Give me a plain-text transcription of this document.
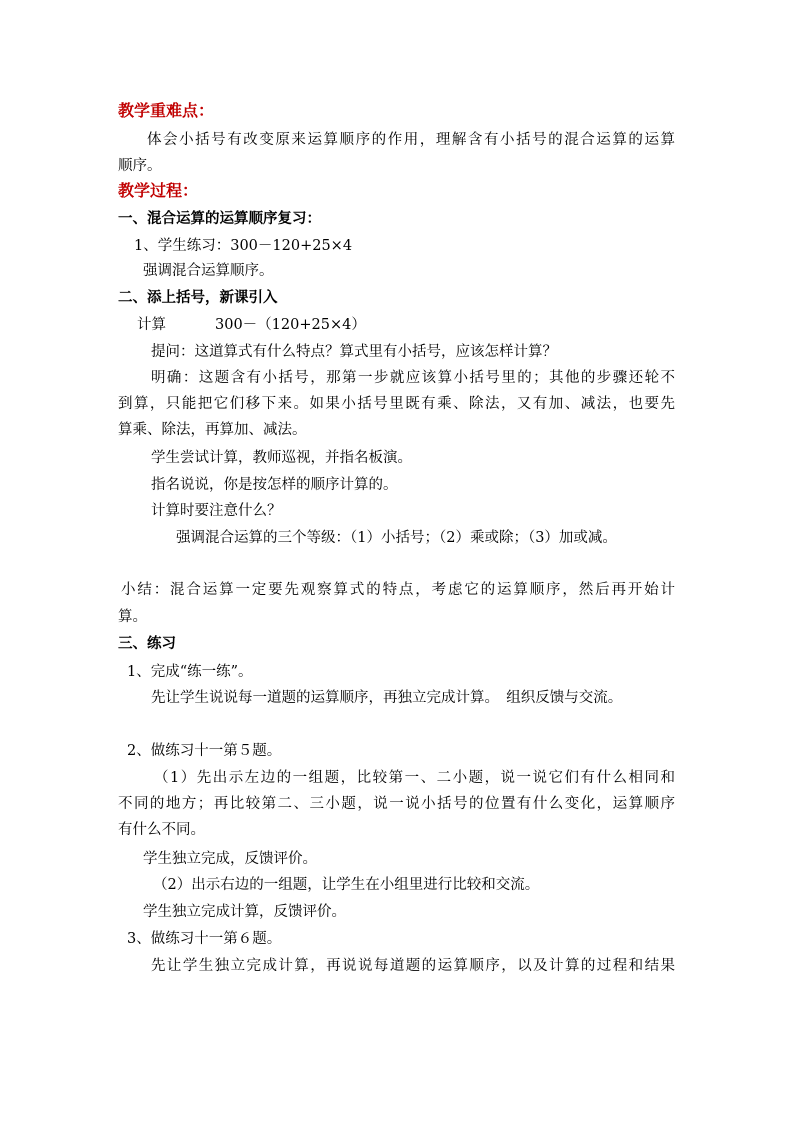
教学重难点：
体会小括号有改变原来运算顺序的作用，理解含有小括号的混合运算的运算
顺序。
教学过程：
一、混合运算的运算顺序复习：
1、学生练习：300－120+25×4
强调混合运算顺序。
二、添上括号，新课引入
计算	300－（120+25×4）
提问：这道算式有什么特点？算式里有小括号，应该怎样计算？
明确：这题含有小括号，那第一步就应该算小括号里的；其他的步骤还轮不
到算，只能把它们移下来。如果小括号里既有乘、除法，又有加、减法，也要先
算乘、除法，再算加、减法。
学生尝试计算，教师巡视，并指名板演。
指名说说，你是按怎样的顺序计算的。
计算时要注意什么？
强调混合运算的三个等级：（1）小括号；（2）乘或除；（3）加或减。
小结：混合运算一定要先观察算式的特点，考虑它的运算顺序，然后再开始计
算。
三、练习
1、完成“练一练”。
先让学生说说每一道题的运算顺序，再独立完成计算。　组织反馈与交流。
2、做练习十一第５题。
（1）先出示左边的一组题，比较第一、二小题，说一说它们有什么相同和
不同的地方；再比较第二、三小题，说一说小括号的位置有什么变化，运算顺序
有什么不同。
学生独立完成，反馈评价。
（2）出示右边的一组题，让学生在小组里进行比较和交流。
学生独立完成计算，反馈评价。
3、做练习十一第６题。
先让学生独立完成计算，再说说每道题的运算顺序，以及计算的过程和结果
